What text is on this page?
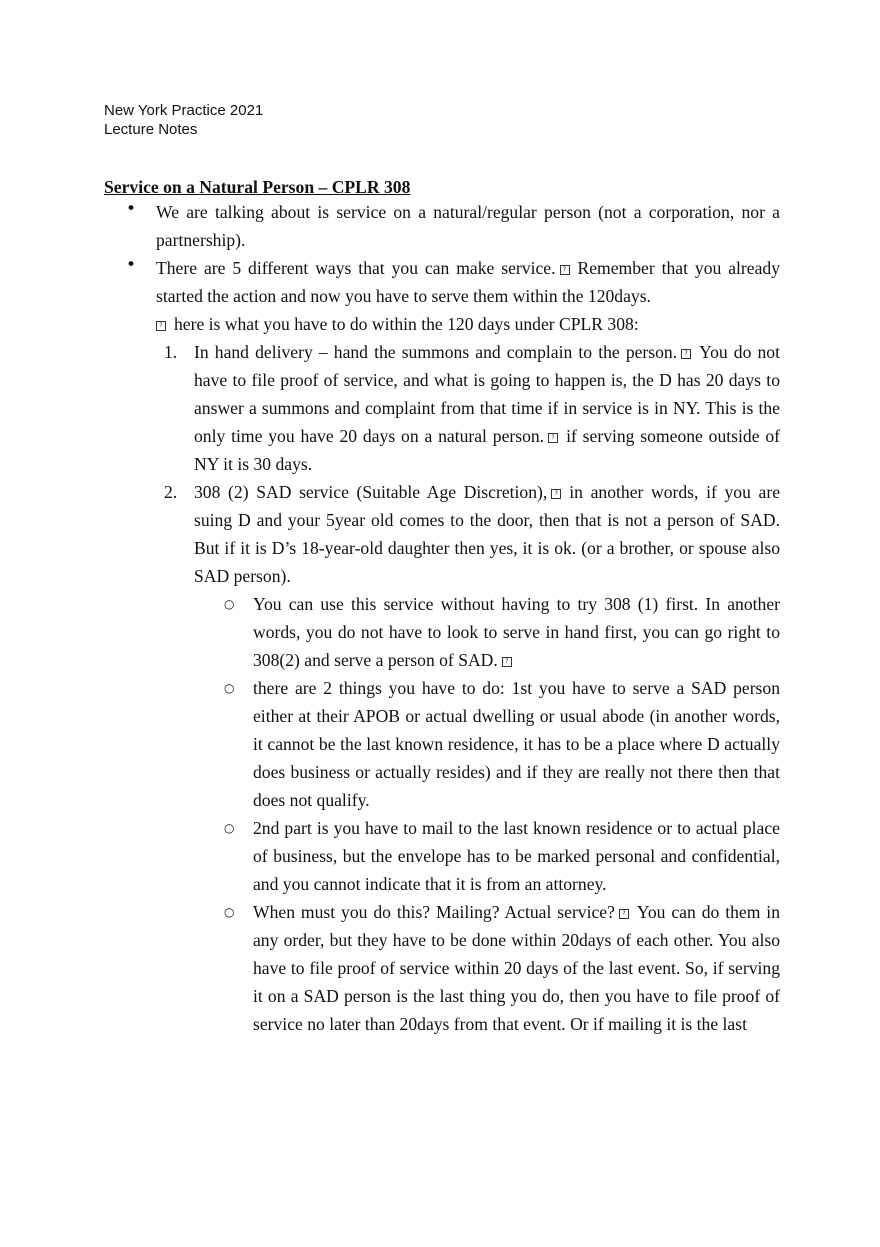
New York Practice 2021
Lecture Notes

Service on a Natural Person – CPLR 308

• We are talking about is service on a natural/regular person (not a corporation, nor a partnership).
• There are 5 different ways that you can make service. ? Remember that you already started the action and now you have to serve them within the 120days.
? here is what you have to do within the 120 days under CPLR 308:
1. In hand delivery – hand the summons and complain to the person. ? You do not have to file proof of service, and what is going to happen is, the D has 20 days to answer a summons and complaint from that time if in service is in NY. This is the only time you have 20 days on a natural person. ? if serving someone outside of NY it is 30 days.
2. 308 (2) SAD service (Suitable Age Discretion), ? in another words, if you are suing D and your 5year old comes to the door, then that is not a person of SAD. But if it is D’s 18-year-old daughter then yes, it is ok. (or a brother, or spouse also SAD person).
○ You can use this service without having to try 308 (1) first. In another words, you do not have to look to serve in hand first, you can go right to 308(2) and serve a person of SAD. ?
○ there are 2 things you have to do: 1st you have to serve a SAD person either at their APOB or actual dwelling or usual abode (in another words, it cannot be the last known residence, it has to be a place where D actually does business or actually resides) and if they are really not there then that does not qualify.
○ 2nd part is you have to mail to the last known residence or to actual place of business, but the envelope has to be marked personal and confidential, and you cannot indicate that it is from an attorney.
○ When must you do this? Mailing? Actual service? ? You can do them in any order, but they have to be done within 20days of each other. You also have to file proof of service within 20 days of the last event. So, if serving it on a SAD person is the last thing you do, then you have to file proof of service no later than 20days from that event. Or if mailing it is the last
